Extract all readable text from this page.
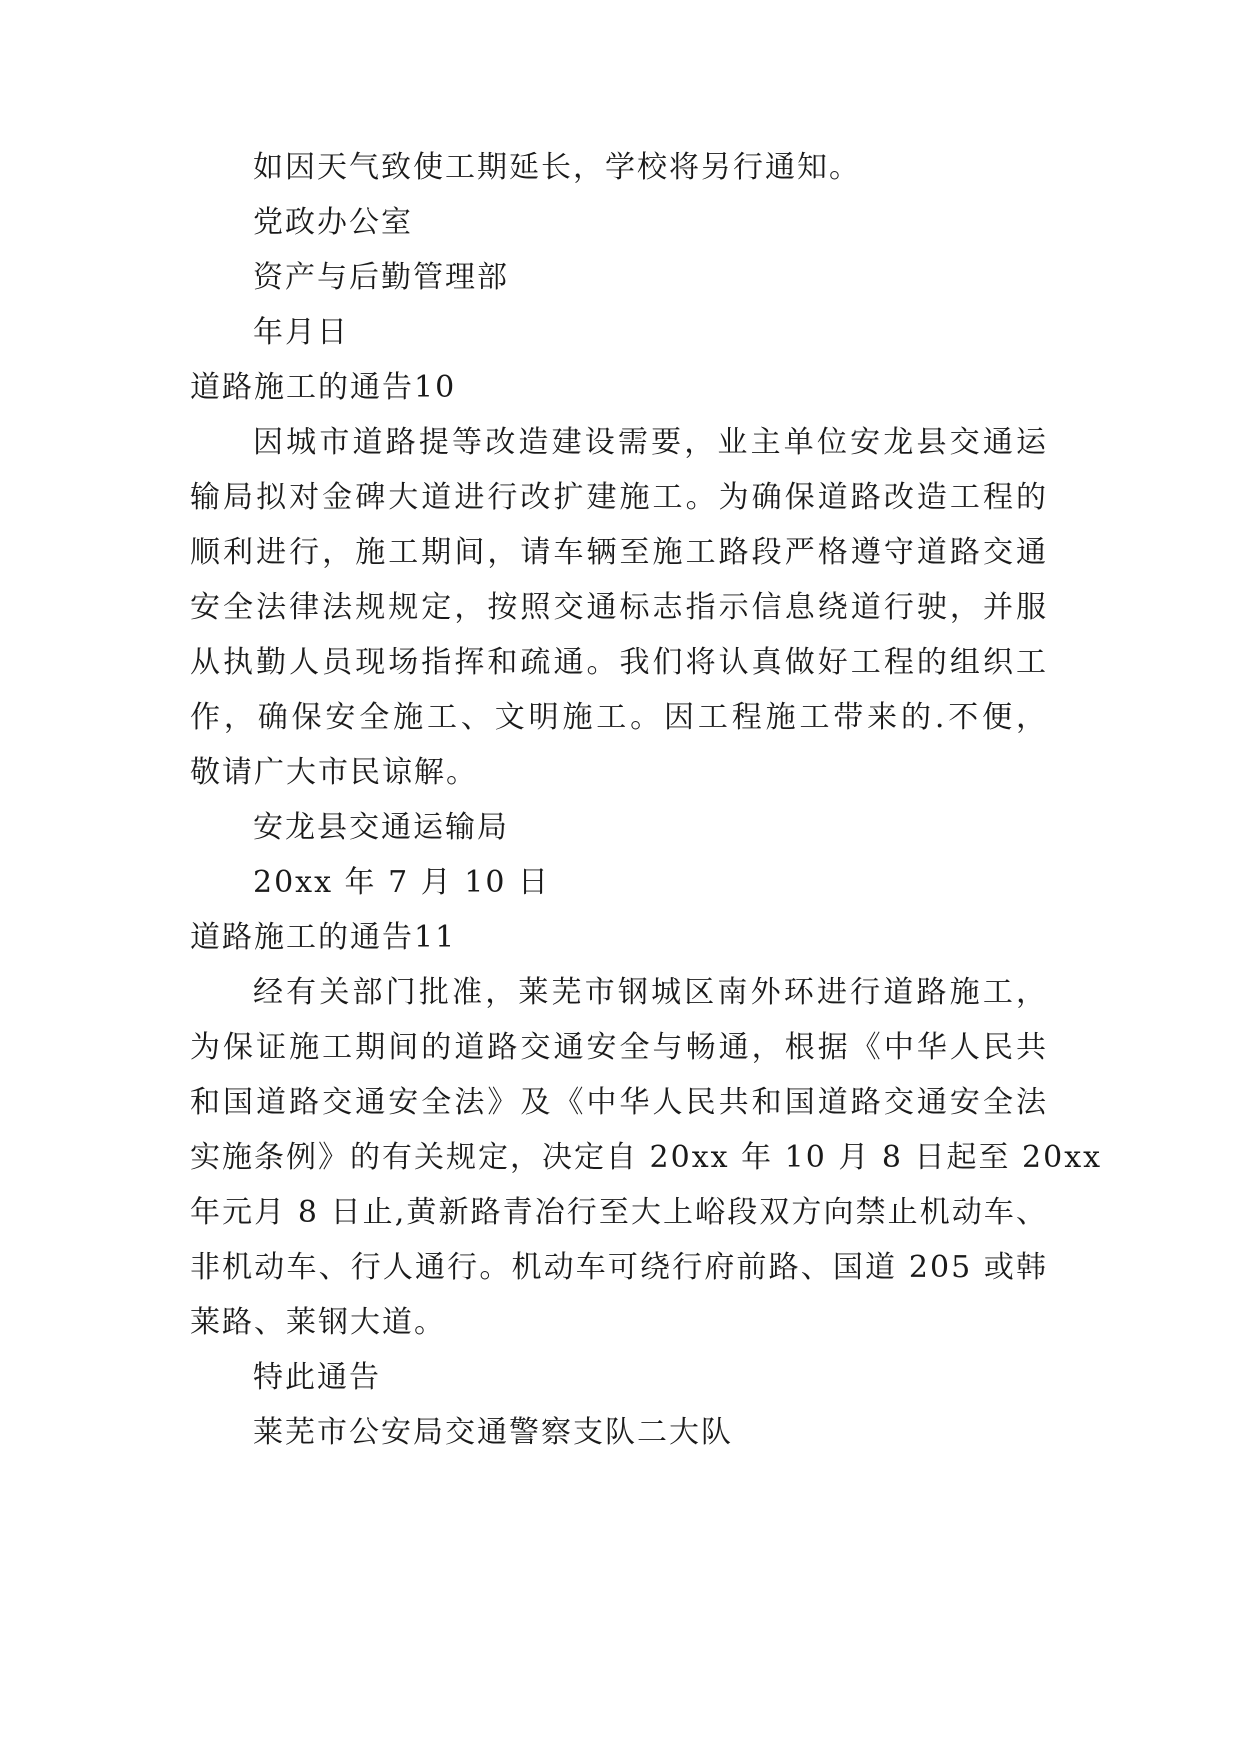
如因天气致使工期延长，学校将另行通知。
党政办公室
资产与后勤管理部
年月日
道路施工的通告10
因城市道路提等改造建设需要，业主单位安龙县交通运
输局拟对金碑大道进行改扩建施工。为确保道路改造工程的
顺利进行，施工期间，请车辆至施工路段严格遵守道路交通
安全法律法规规定，按照交通标志指示信息绕道行驶，并服
从执勤人员现场指挥和疏通。我们将认真做好工程的组织工
作，确保安全施工、文明施工。因工程施工带来的.不便，
敬请广大市民谅解。
安龙县交通运输局
20xx 年 7 月 10 日
道路施工的通告11
经有关部门批准，莱芜市钢城区南外环进行道路施工，
为保证施工期间的道路交通安全与畅通，根据《中华人民共
和国道路交通安全法》及《中华人民共和国道路交通安全法
实施条例》的有关规定，决定自 20xx 年 10 月 8 日起至 20xx
年元月 8 日止,黄新路青冶行至大上峪段双方向禁止机动车、
非机动车、行人通行。机动车可绕行府前路、国道 205 或韩
莱路、莱钢大道。
特此通告
莱芜市公安局交通警察支队二大队
